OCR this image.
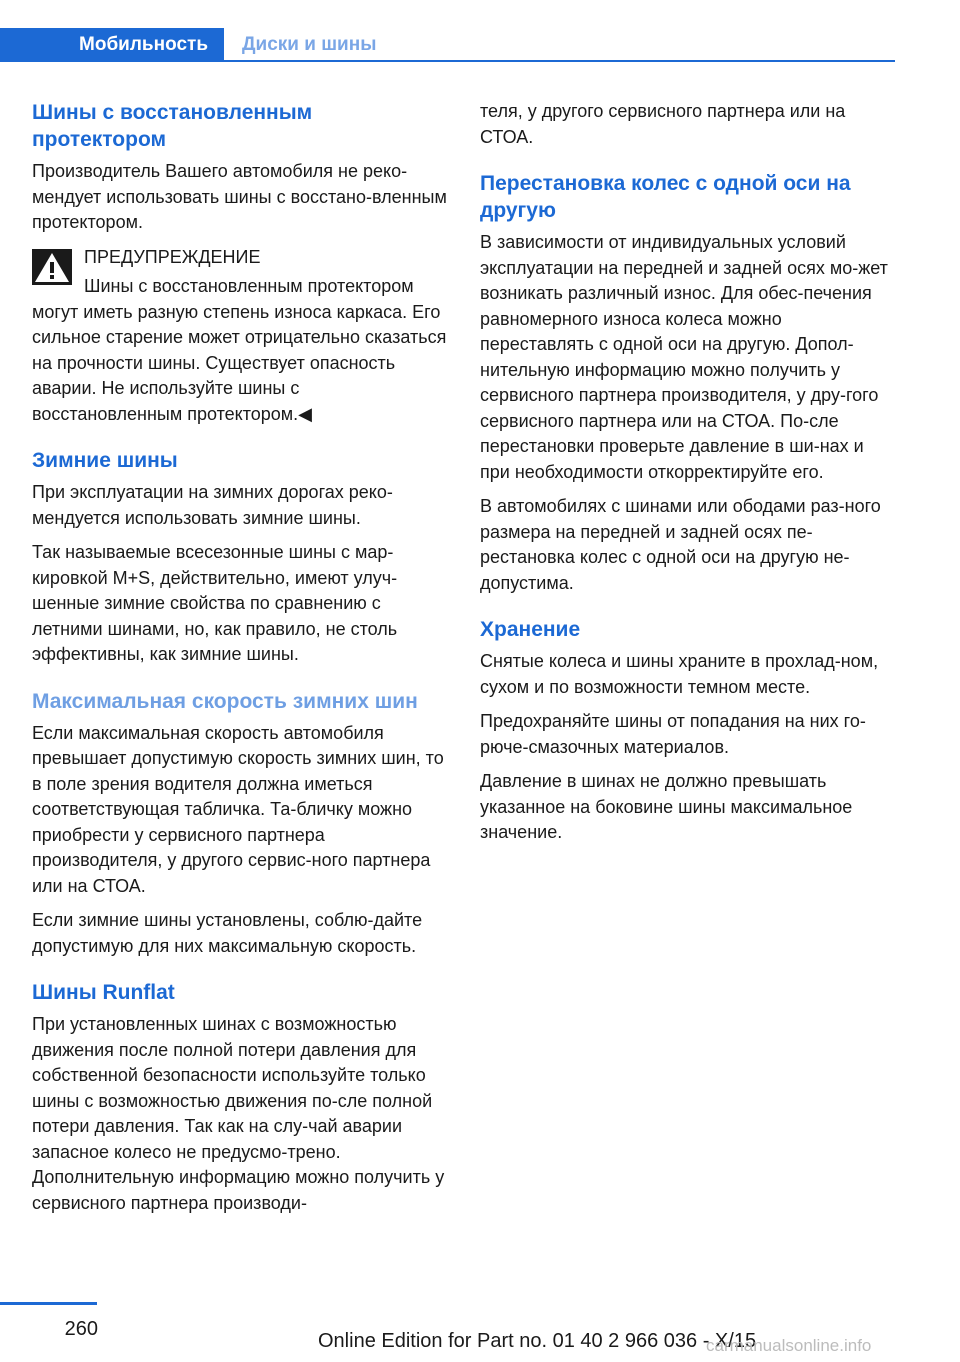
Мобильность	Диски и шины
Шины с восстановленным протектором

Производитель Вашего автомобиля не реко‐мендует использовать шины с восстано‐вленным протектором.

ПРЕДУПРЕЖДЕНИЕ

Шины с восстановленным протектором могут иметь разную степень износа каркаса. Его сильное старение может отрицательно сказаться на прочности шины. Существует опасность аварии. Не используйте шины с восстановленным протектором.◀

Зимние шины

При эксплуатации на зимних дорогах реко‐мендуется использовать зимние шины.

Так называемые всесезонные шины с мар‐кировкой M+S, действительно, имеют улуч‐шенные зимние свойства по сравнению с летними шинами, но, как правило, не столь эффективны, как зимние шины.

Максимальная скорость зимних шин

Если максимальная скорость автомобиля превышает допустимую скорость зимних шин, то в поле зрения водителя должна иметься соответствующая табличка. Та‐бличку можно приобрести у сервисного партнера производителя, у другого сервис‐ного партнера или на СТОА.

Если зимние шины установлены, соблю‐дайте допустимую для них максимальную скорость.

Шины Runflat

При установленных шинах с возможностью движения после полной потери давления для собственной безопасности используйте только шины с возможностью движения по‐сле полной потери давления. Так как на слу‐чай аварии запасное колесо не предусмо‐трено. Дополнительную информацию можно получить у сервисного партнера производи‐

теля, у другого сервисного партнера или на СТОА.

Перестановка колес с одной оси на другую

В зависимости от индивидуальных условий эксплуатации на передней и задней осях мо‐жет возникать различный износ. Для обес‐печения равномерного износа колеса можно переставлять с одной оси на другую. Допол‐нительную информацию можно получить у сервисного партнера производителя, у дру‐гого сервисного партнера или на СТОА. По‐сле перестановки проверьте давление в ши‐нах и при необходимости откорректируйте его.

В автомобилях с шинами или ободами раз‐ного размера на передней и задней осях пе‐рестановка колес с одной оси на другую не‐допустима.

Хранение

Снятые колеса и шины храните в прохлад‐ном, сухом и по возможности темном месте.

Предохраняйте шины от попадания на них го‐рюче-смазочных материалов.

Давление в шинах не должно превышать указанное на боковине шины максимальное значение.

260
Online Edition for Part no. 01 40 2 966 036 - X/15
carmanualsonline.info
